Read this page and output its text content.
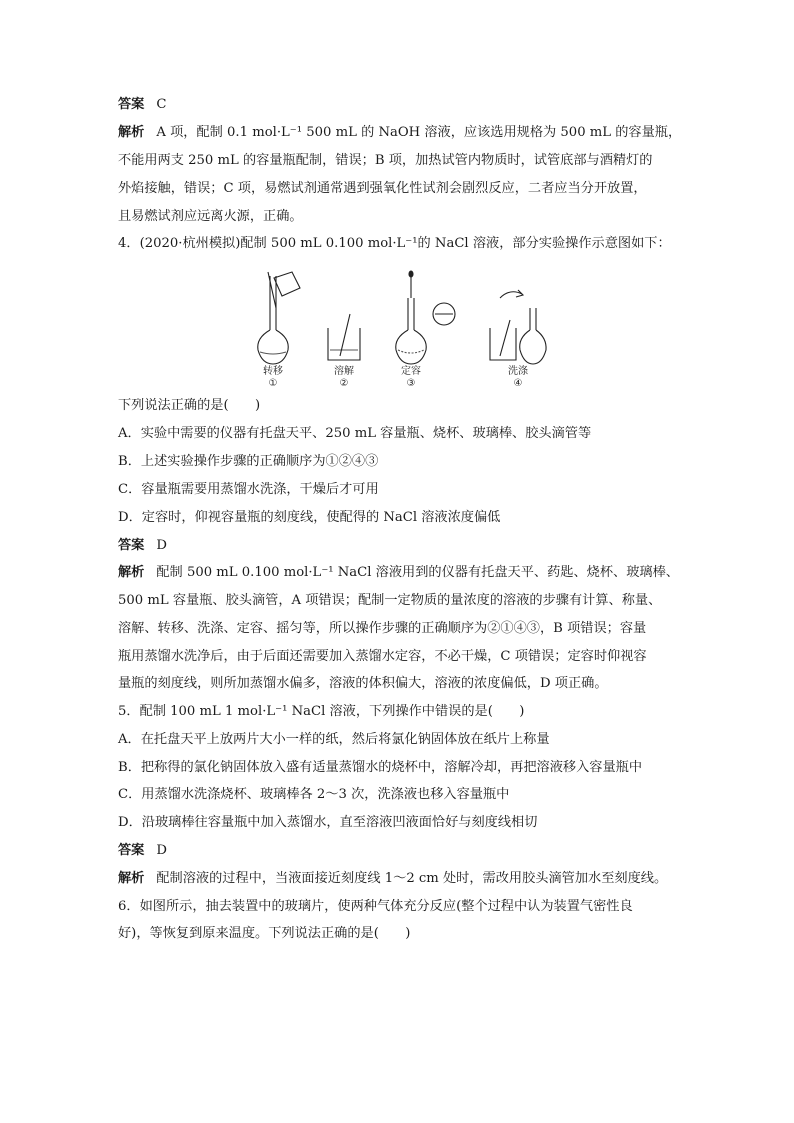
答案 C
解析 A 项，配制 0.1 mol·L⁻¹ 500 mL 的 NaOH 溶液，应该选用规格为 500 mL 的容量瓶，
不能用两支 250 mL 的容量瓶配制，错误；B 项，加热试管内物质时，试管底部与酒精灯的
外焰接触，错误；C 项，易燃试剂通常遇到强氧化性试剂会剧烈反应，二者应当分开放置，
且易燃试剂应远离火源，正确。
4．(2020·杭州模拟)配制 500 mL 0.100 mol·L⁻¹的 NaCl 溶液，部分实验操作示意图如下：
转移	溶解	定容	洗涤
①	②	③	④
下列说法正确的是(　　)
A．实验中需要的仪器有托盘天平、250 mL 容量瓶、烧杯、玻璃棒、胶头滴管等
B．上述实验操作步骤的正确顺序为①②④③
C．容量瓶需要用蒸馏水洗涤，干燥后才可用
D．定容时，仰视容量瓶的刻度线，使配得的 NaCl 溶液浓度偏低
答案 D
解析 配制 500 mL 0.100 mol·L⁻¹ NaCl 溶液用到的仪器有托盘天平、药匙、烧杯、玻璃棒、
500 mL 容量瓶、胶头滴管，A 项错误；配制一定物质的量浓度的溶液的步骤有计算、称量、
溶解、转移、洗涤、定容、摇匀等，所以操作步骤的正确顺序为②①④③，B 项错误；容量
瓶用蒸馏水洗净后，由于后面还需要加入蒸馏水定容，不必干燥，C 项错误；定容时仰视容
量瓶的刻度线，则所加蒸馏水偏多，溶液的体积偏大，溶液的浓度偏低，D 项正确。
5．配制 100 mL 1 mol·L⁻¹ NaCl 溶液，下列操作中错误的是(　　)
A．在托盘天平上放两片大小一样的纸，然后将氯化钠固体放在纸片上称量
B．把称得的氯化钠固体放入盛有适量蒸馏水的烧杯中，溶解冷却，再把溶液移入容量瓶中
C．用蒸馏水洗涤烧杯、玻璃棒各 2～3 次，洗涤液也移入容量瓶中
D．沿玻璃棒往容量瓶中加入蒸馏水，直至溶液凹液面恰好与刻度线相切
答案 D
解析 配制溶液的过程中，当液面接近刻度线 1～2 cm 处时，需改用胶头滴管加水至刻度线。
6．如图所示，抽去装置中的玻璃片，使两种气体充分反应(整个过程中认为装置气密性良
好)，等恢复到原来温度。下列说法正确的是(　　)
